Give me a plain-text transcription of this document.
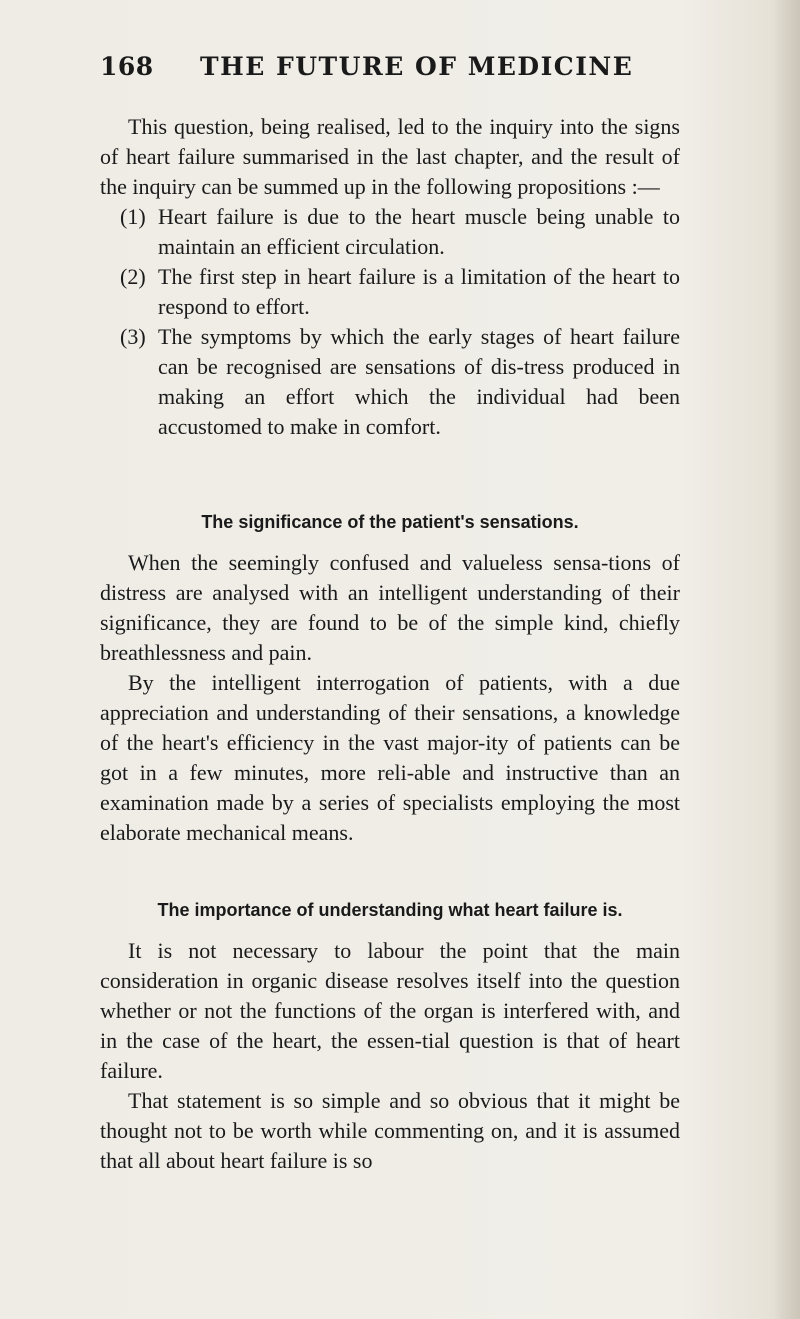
168 THE FUTURE OF MEDICINE

This question, being realised, led to the inquiry into the signs of heart failure summarised in the last chapter, and the result of the inquiry can be summed up in the following propositions :—

(1) Heart failure is due to the heart muscle being unable to maintain an efficient circulation.
(2) The first step in heart failure is a limitation of the heart to respond to effort.
(3) The symptoms by which the early stages of heart failure can be recognised are sensations of dis-tress produced in making an effort which the individual had been accustomed to make in comfort.
The significance of the patient's sensations.

When the seemingly confused and valueless sensa-tions of distress are analysed with an intelligent understanding of their significance, they are found to be of the simple kind, chiefly breathlessness and pain.

By the intelligent interrogation of patients, with a due appreciation and understanding of their sensations, a knowledge of the heart's efficiency in the vast major-ity of patients can be got in a few minutes, more reli-able and instructive than an examination made by a series of specialists employing the most elaborate mechanical means.

The importance of understanding what heart failure is.

It is not necessary to labour the point that the main consideration in organic disease resolves itself into the question whether or not the functions of the organ is interfered with, and in the case of the heart, the essen-tial question is that of heart failure.

That statement is so simple and so obvious that it might be thought not to be worth while commenting on, and it is assumed that all about heart failure is so
